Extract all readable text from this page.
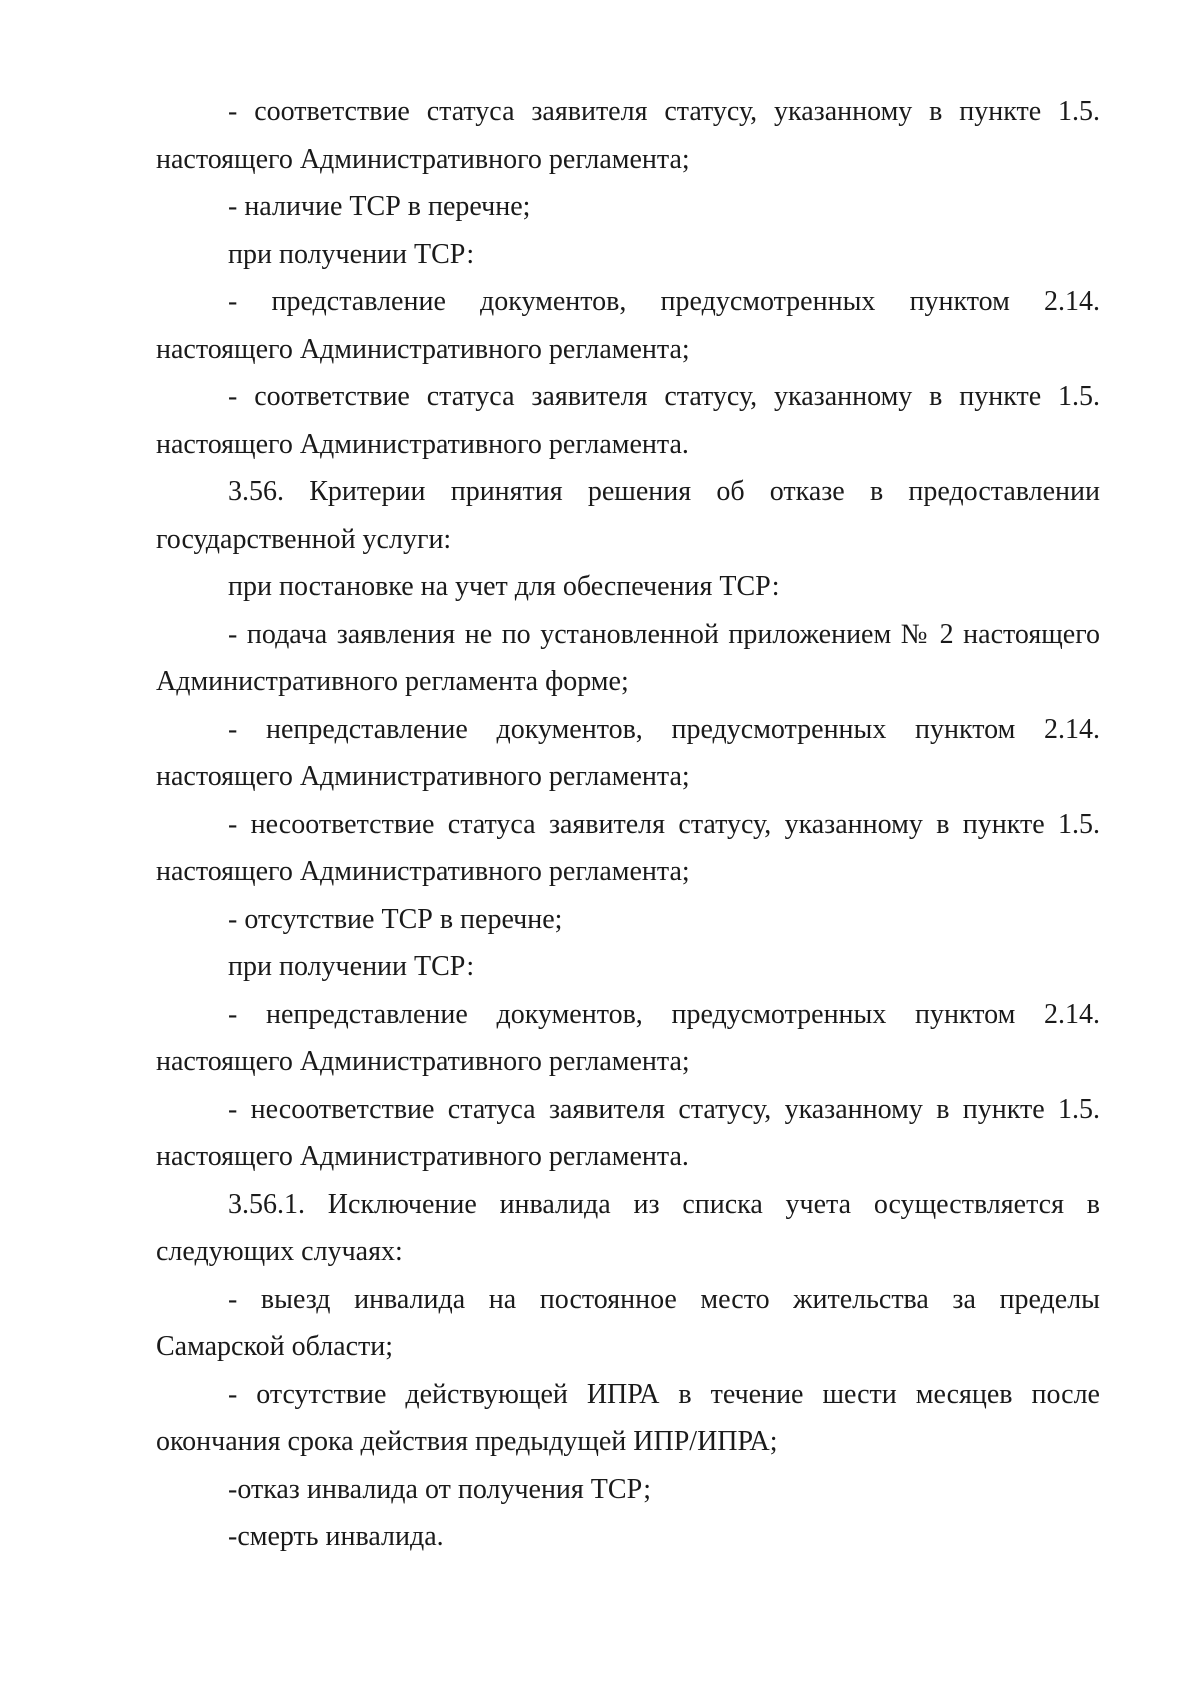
- соответствие статуса заявителя статусу, указанному в пункте 1.5. настоящего Административного регламента;

- наличие ТСР в перечне;

при получении ТСР:

- представление документов, предусмотренных пунктом 2.14. настоящего Административного регламента;

- соответствие статуса заявителя статусу, указанному в пункте 1.5. настоящего Административного регламента.

3.56. Критерии принятия решения об отказе в предоставлении государственной услуги:

при постановке на учет для обеспечения ТСР:

- подача заявления не по установленной приложением № 2 настоящего Административного регламента форме;

- непредставление документов, предусмотренных пунктом 2.14. настоящего Административного регламента;

- несоответствие статуса заявителя статусу, указанному в пункте 1.5. настоящего Административного регламента;

- отсутствие ТСР в перечне;

при получении ТСР:

- непредставление документов, предусмотренных пунктом 2.14. настоящего Административного регламента;

- несоответствие статуса заявителя статусу, указанному в пункте 1.5. настоящего Административного регламента.

3.56.1. Исключение инвалида из списка учета осуществляется в следующих случаях:

- выезд инвалида на постоянное место жительства за пределы Самарской области;

- отсутствие действующей ИПРА в течение шести месяцев после окончания срока действия предыдущей ИПР/ИПРА;

-отказ инвалида от получения ТСР;

-смерть инвалида.
